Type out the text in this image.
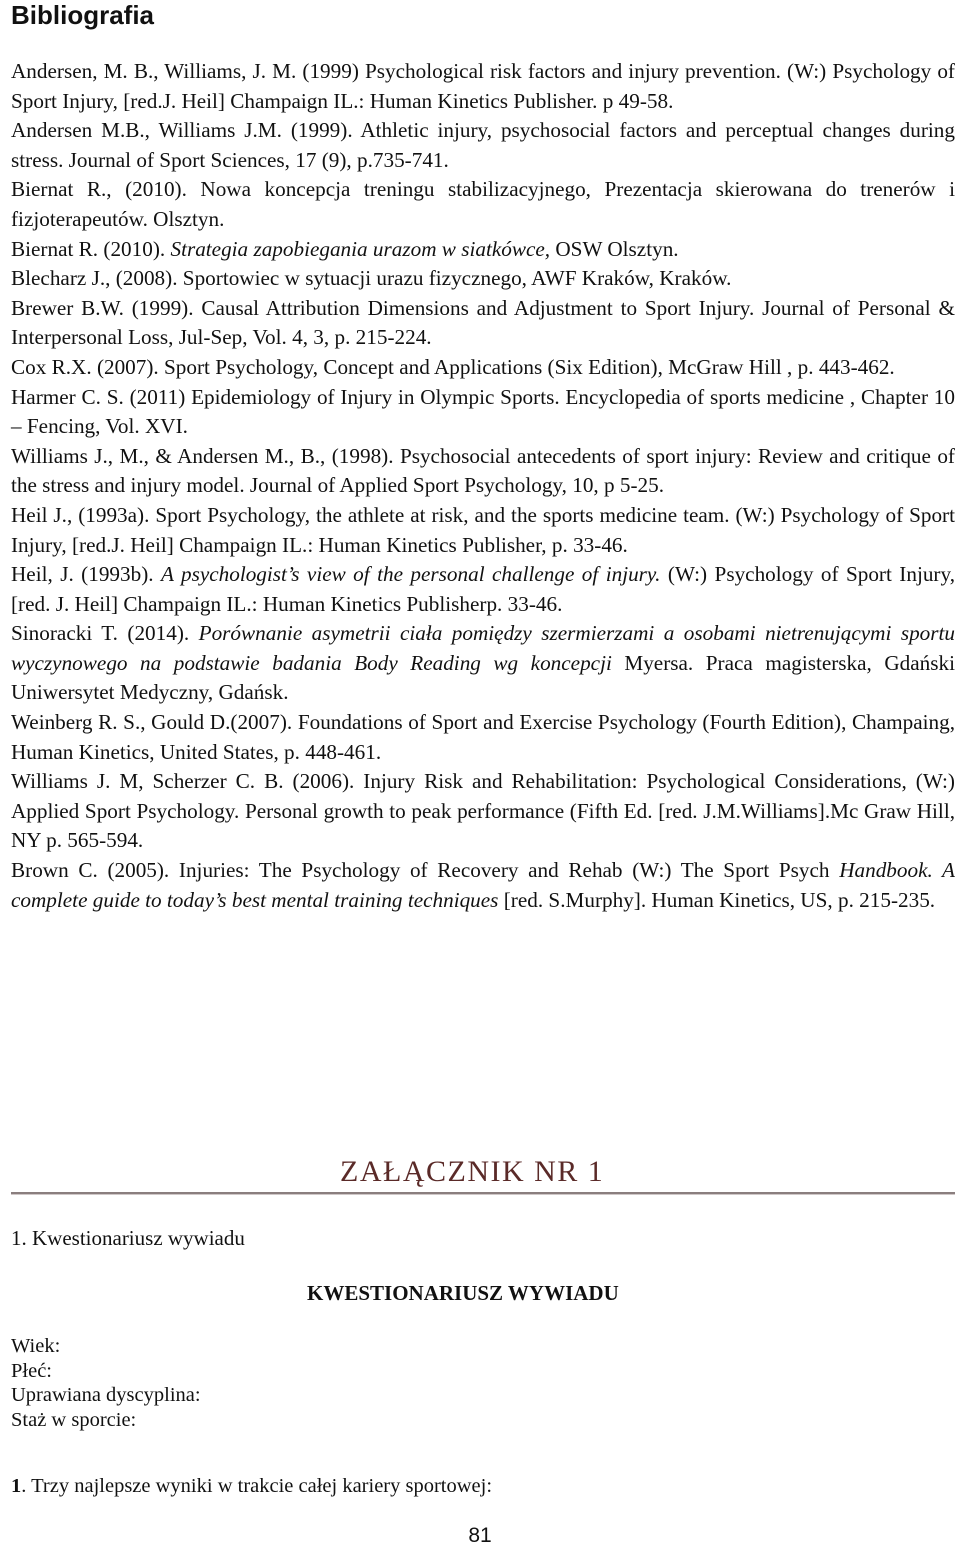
Bibliografia

Andersen, M. B., Williams, J. M. (1999) Psychological risk factors and injury prevention. (W:) Psychology of Sport Injury, [red.J. Heil] Champaign IL.: Human Kinetics Publisher. p 49-58.

Andersen M.B., Williams J.M. (1999). Athletic injury, psychosocial factors and perceptual changes during stress. Journal of Sport Sciences, 17 (9), p.735-741.

Biernat R., (2010). Nowa koncepcja treningu stabilizacyjnego, Prezentacja skierowana do trenerów i fizjoterapeutów. Olsztyn.

Biernat R. (2010). Strategia zapobiegania urazom w siatkówce, OSW Olsztyn.

Blecharz J., (2008). Sportowiec w sytuacji urazu fizycznego, AWF Kraków, Kraków.

Brewer B.W. (1999). Causal Attribution Dimensions and Adjustment to Sport Injury. Journal of Personal & Interpersonal Loss, Jul-Sep, Vol. 4, 3, p. 215-224.

Cox R.X. (2007). Sport Psychology, Concept and Applications (Six Edition), McGraw Hill , p. 443-462.

Harmer C. S. (2011) Epidemiology of Injury in Olympic Sports. Encyclopedia of sports medicine , Chapter 10 – Fencing, Vol. XVI.

Williams J., M., & Andersen M., B., (1998). Psychosocial antecedents of sport injury: Review and critique of the stress and injury model. Journal of Applied Sport Psychology, 10, p 5-25.

Heil J., (1993a). Sport Psychology, the athlete at risk, and the sports medicine team. (W:) Psychology of Sport Injury, [red.J. Heil] Champaign IL.: Human Kinetics Publisher, p. 33-46.

Heil, J. (1993b). A psychologist’s view of the personal challenge of injury. (W:) Psychology of Sport Injury, [red. J. Heil] Champaign IL.: Human Kinetics Publisherp. 33-46.

Sinoracki T. (2014). Porównanie asymetrii ciała pomiędzy szermierzami a osobami nietrenującymi sportu wyczynowego na podstawie badania Body Reading wg koncepcji Myersa. Praca magisterska, Gdański Uniwersytet Medyczny, Gdańsk.

Weinberg R. S., Gould D.(2007). Foundations of Sport and Exercise Psychology (Fourth Edition), Champaing, Human Kinetics, United States, p. 448-461.

Williams J. M, Scherzer C. B. (2006). Injury Risk and Rehabilitation: Psychological Considerations, (W:) Applied Sport Psychology. Personal growth to peak performance (Fifth Ed. [red. J.M.Williams].Mc Graw Hill, NY p. 565-594.

Brown C. (2005). Injuries: The Psychology of Recovery and Rehab (W:) The Sport Psych Handbook. A complete guide to today’s best mental training techniques [red. S.Murphy]. Human Kinetics, US, p. 215-235.

ZAŁĄCZNIK NR 1
1. Kwestionariusz wywiadu
KWESTIONARIUSZ WYWIADU
Wiek:
Płeć:
Uprawiana dyscyplina:
Staż w sporcie:
1. Trzy najlepsze wyniki w trakcie całej kariery sportowej:
81
